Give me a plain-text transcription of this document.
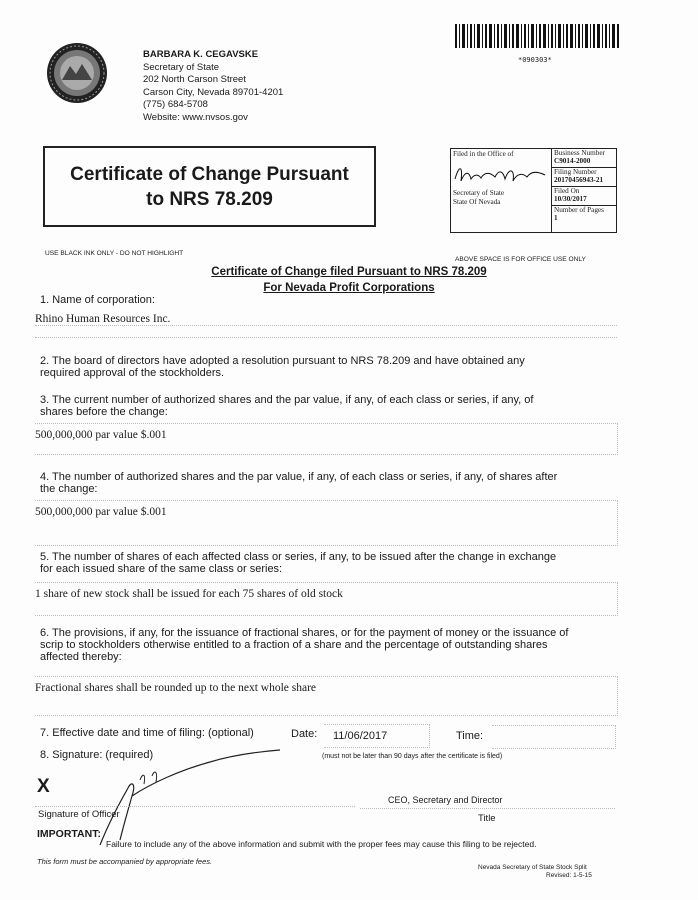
BARBARA K. CEGAVSKE
Secretary of State
202 North Carson Street
Carson City, Nevada 89701-4201
(775) 684-5708
Website: www.nvsos.gov
*090303*
Certificate of Change Pursuant
to NRS 78.209
Filed in the Office of
Secretary of State
State Of Nevada
Business Number
C9014-2000
Filing Number
20170456943-21
Filed On
10/30/2017
Number of Pages
1
USE BLACK INK ONLY - DO NOT HIGHLIGHT
ABOVE SPACE IS FOR OFFICE USE ONLY
Certificate of Change filed Pursuant to NRS 78.209
For Nevada Profit Corporations
1. Name of corporation:
Rhino Human Resources Inc.
2. The board of directors have adopted a resolution pursuant to NRS 78.209 and have obtained any
required approval of the stockholders.
3. The current number of authorized shares and the par value, if any, of each class or series, if any, of
shares before the change:
500,000,000 par value $.001
4. The number of authorized shares and the par value, if any, of each class or series, if any, of shares after
the change:
500,000,000 par value $.001
5. The number of shares of each affected class or series, if any, to be issued after the change in exchange
for each issued share of the same class or series:
1 share of new stock shall be issued for each 75 shares of old stock
6. The provisions, if any, for the issuance of fractional shares, or for the payment of money or the issuance of
scrip to stockholders otherwise entitled to a fraction of a share and the percentage of outstanding shares
affected thereby:
Fractional shares shall be rounded up to the next whole share
7. Effective date and time of filing: (optional)	Date: 11/06/2017	Time:
8. Signature: (required)	(must not be later than 90 days after the certificate is filed)
X
CEO, Secretary and Director
Signature of Officer	Title
IMPORTANT:
Failure to include any of the above information and submit with the proper fees may cause this filing to be rejected.
This form must be accompanied by appropriate fees.
Nevada Secretary of State Stock Split
Revised: 1-5-15
